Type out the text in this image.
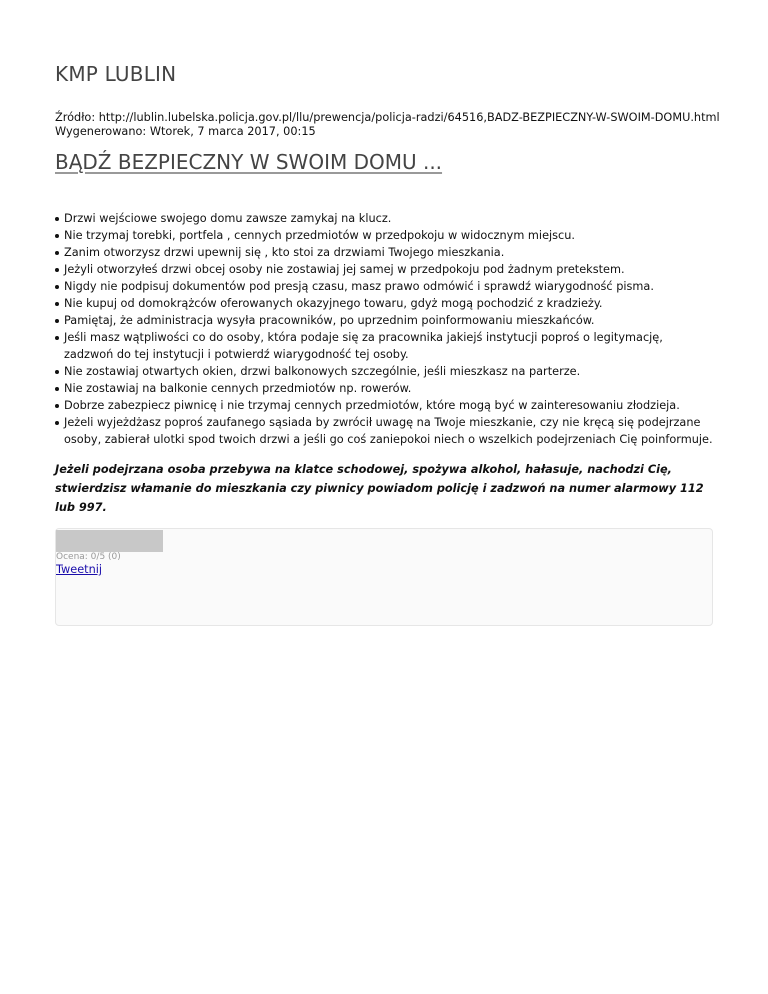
KMP LUBLIN
Źródło: http://lublin.lubelska.policja.gov.pl/llu/prewencja/policja-radzi/64516,BADZ-BEZPIECZNY-W-SWOIM-DOMU.html
Wygenerowano: Wtorek, 7 marca 2017, 00:15
BĄDŹ BEZPIECZNY W SWOIM DOMU ...
Drzwi wejściowe swojego domu zawsze zamykaj na klucz.
Nie trzymaj torebki, portfela , cennych przedmiotów w przedpokoju w widocznym miejscu.
Zanim otworzysz drzwi upewnij się , kto stoi za drzwiami Twojego mieszkania.
Jeżyli otworzyłeś drzwi obcej osoby nie zostawiaj jej samej w przedpokoju pod żadnym pretekstem.
Nigdy nie podpisuj dokumentów pod presją czasu, masz prawo odmówić i sprawdź wiarygodność pisma.
Nie kupuj od domokrążców oferowanych okazyjnego towaru, gdyż mogą pochodzić z kradzieży.
Pamiętaj, że administracja wysyła pracowników, po uprzednim poinformowaniu mieszkańców.
Jeśli masz wątpliwości co do osoby, która podaje się za pracownika jakiejś instytucji poproś o legitymację, zadzwoń do tej instytucji i potwierdź wiarygodność tej osoby.
Nie zostawiaj otwartych okien, drzwi balkonowych szczególnie, jeśli mieszkasz na parterze.
Nie zostawiaj na balkonie cennych przedmiotów np. rowerów.
Dobrze zabezpiecz piwnicę i nie trzymaj cennych przedmiotów, które mogą być w zainteresowaniu złodzieja.
Jeżeli wyjeżdżasz poproś zaufanego sąsiada by zwrócił uwagę na Twoje mieszkanie, czy nie kręcą się podejrzane osoby, zabierał ulotki spod twoich drzwi a jeśli go coś zaniepokoi niech o wszelkich podejrzeniach Cię poinformuje.

Jeżeli podejrzana osoba przebywa na klatce schodowej, spożywa alkohol, hałasuje, nachodzi Cię, stwierdzisz włamanie do mieszkania czy piwnicy powiadom policję i zadzwoń na numer alarmowy 112 lub 997.

Ocena: 0/5 (0)
Tweetnij
